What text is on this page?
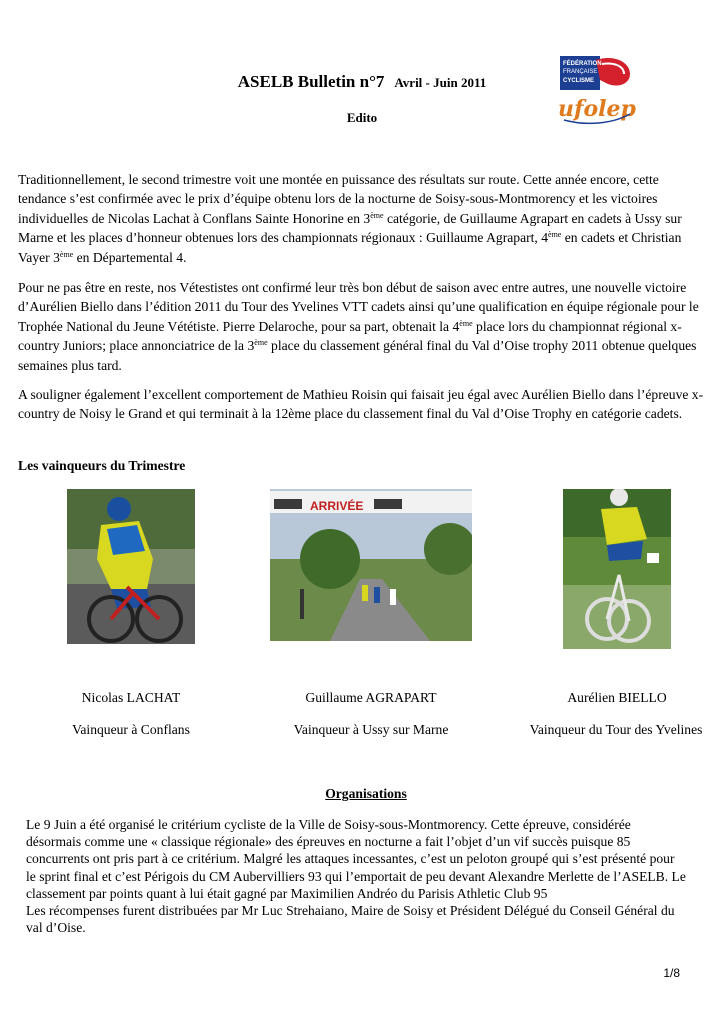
ASELB Bulletin n°7 Avril - Juin 2011
Edito
FÉDÉRATION
FRANÇAISE
CYCLISME
ufolep

Traditionnellement, le second trimestre voit une montée en puissance des résultats sur route. Cette année encore, cette tendance s’est confirmée avec le prix d’équipe obtenu lors de la nocturne de Soisy-sous-Montmorency et les victoires individuelles de Nicolas Lachat à Conflans Sainte Honorine en 3ème catégorie, de Guillaume Agrapart en cadets à Ussy sur Marne et les places d’honneur obtenues lors des championnats régionaux : Guillaume Agrapart, 4ème en cadets et Christian Vayer 3ème en Départemental 4.

Pour ne pas être en reste, nos Vétestistes ont confirmé leur très bon début de saison avec entre autres, une nouvelle victoire d’Aurélien Biello dans l’édition 2011 du Tour des Yvelines VTT cadets ainsi qu’une qualification en équipe régionale pour le Trophée National du Jeune Vététiste. Pierre Delaroche, pour sa part, obtenait la 4ème place lors du championnat régional x-country Juniors; place annonciatrice de la 3ème place du classement général final du Val d’Oise trophy 2011 obtenue quelques semaines plus tard.

A souligner également l’excellent comportement de Mathieu Roisin qui faisait jeu égal avec Aurélien Biello dans l’épreuve x-country de Noisy le Grand et qui terminait à la 12ème place du classement final du Val d’Oise Trophy en catégorie cadets.

Les vainqueurs du Trimestre
ARRIVÉE
Nicolas LACHAT	Guillaume AGRAPART	Aurélien BIELLO
Vainqueur à Conflans	Vainqueur à Ussy sur Marne	Vainqueur du Tour des Yvelines
Organisations

Le 9 Juin a été organisé le critérium cycliste de la Ville de Soisy-sous-Montmorency. Cette épreuve, considérée désormais comme une « classique régionale» des épreuves en nocturne a fait l’objet d’un vif succès puisque 85 concurrents ont pris part à ce critérium. Malgré les attaques incessantes, c’est un peloton groupé qui s’est présenté pour le sprint final et c’est Périgois du CM Aubervilliers 93 qui l’emportait de peu devant Alexandre Merlette de l’ASELB. Le classement par points quant à lui était gagné par Maximilien Andréo du Parisis Athletic Club 95
Les récompenses furent distribuées par Mr Luc Strehaiano, Maire de Soisy et Président Délégué du Conseil Général du val d’Oise.

1/8
